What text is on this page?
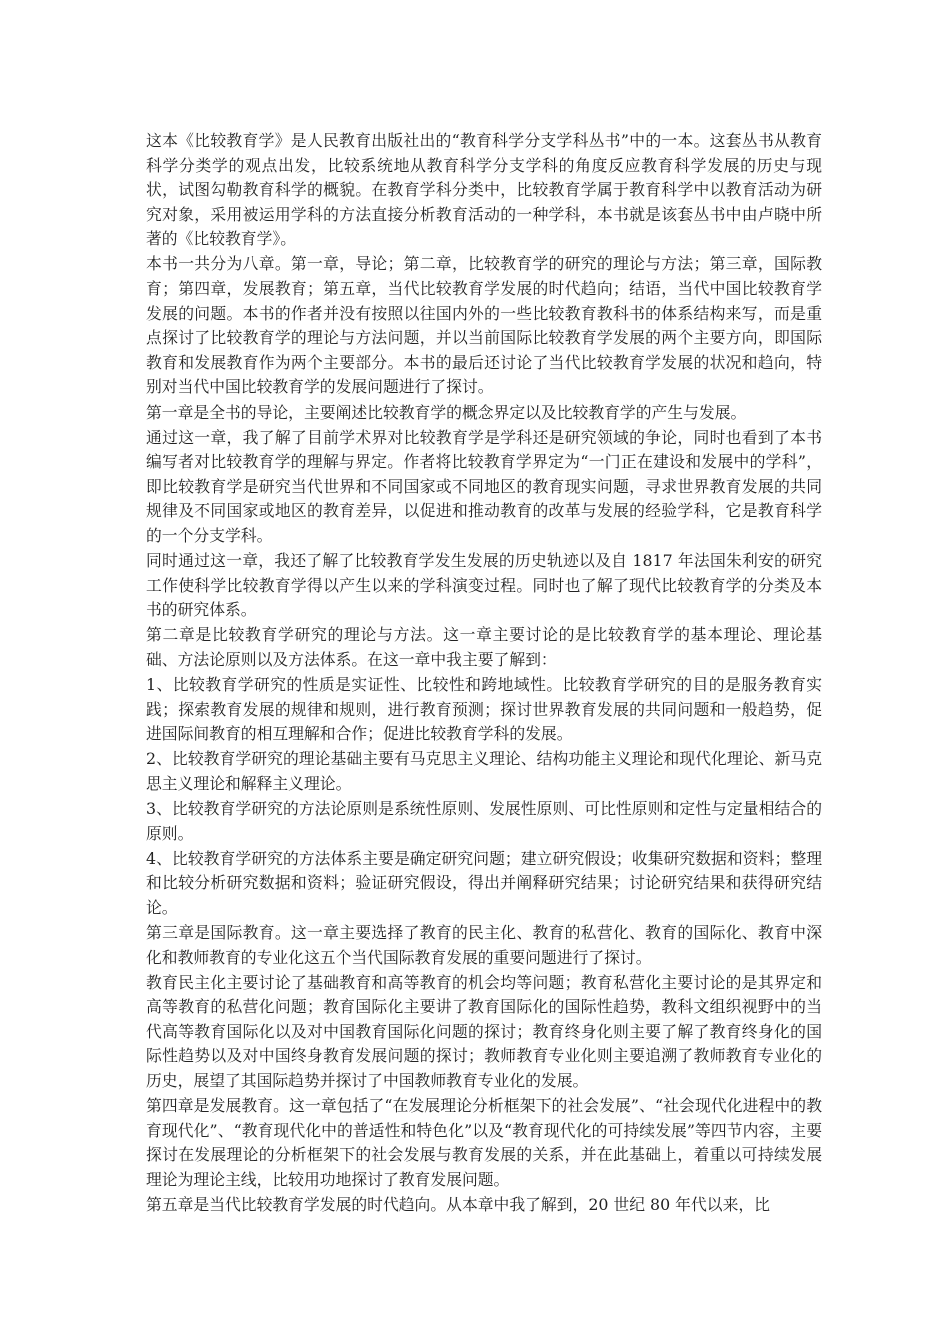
这本《比较教育学》是人民教育出版社出的“教育科学分支学科丛书”中的一本。这套丛书从教育科学分类学的观点出发，比较系统地从教育科学分支学科的角度反应教育科学发展的历史与现状，试图勾勒教育科学的概貌。在教育学科分类中，比较教育学属于教育科学中以教育活动为研究对象，采用被运用学科的方法直接分析教育活动的一种学科，本书就是该套丛书中由卢晓中所著的《比较教育学》。

本书一共分为八章。第一章，导论；第二章，比较教育学的研究的理论与方法；第三章，国际教育；第四章，发展教育；第五章，当代比较教育学发展的时代趋向；结语，当代中国比较教育学发展的问题。本书的作者并没有按照以往国内外的一些比较教育教科书的体系结构来写，而是重点探讨了比较教育学的理论与方法问题，并以当前国际比较教育学发展的两个主要方向，即国际教育和发展教育作为两个主要部分。本书的最后还讨论了当代比较教育学发展的状况和趋向，特别对当代中国比较教育学的发展问题进行了探讨。

第一章是全书的导论，主要阐述比较教育学的概念界定以及比较教育学的产生与发展。

通过这一章，我了解了目前学术界对比较教育学是学科还是研究领域的争论，同时也看到了本书编写者对比较教育学的理解与界定。作者将比较教育学界定为“一门正在建设和发展中的学科”，即比较教育学是研究当代世界和不同国家或不同地区的教育现实问题，寻求世界教育发展的共同规律及不同国家或地区的教育差异，以促进和推动教育的改革与发展的经验学科，它是教育科学的一个分支学科。

同时通过这一章，我还了解了比较教育学发生发展的历史轨迹以及自 1817 年法国朱利安的研究工作使科学比较教育学得以产生以来的学科演变过程。同时也了解了现代比较教育学的分类及本书的研究体系。

第二章是比较教育学研究的理论与方法。这一章主要讨论的是比较教育学的基本理论、理论基础、方法论原则以及方法体系。在这一章中我主要了解到：

1、比较教育学研究的性质是实证性、比较性和跨地域性。比较教育学研究的目的是服务教育实践；探索教育发展的规律和规则，进行教育预测；探讨世界教育发展的共同问题和一般趋势，促进国际间教育的相互理解和合作；促进比较教育学科的发展。

2、比较教育学研究的理论基础主要有马克思主义理论、结构功能主义理论和现代化理论、新马克思主义理论和解释主义理论。

3、比较教育学研究的方法论原则是系统性原则、发展性原则、可比性原则和定性与定量相结合的原则。

4、比较教育学研究的方法体系主要是确定研究问题；建立研究假设；收集研究数据和资料；整理和比较分析研究数据和资料；验证研究假设，得出并阐释研究结果；讨论研究结果和获得研究结论。

第三章是国际教育。这一章主要选择了教育的民主化、教育的私营化、教育的国际化、教育中深化和教师教育的专业化这五个当代国际教育发展的重要问题进行了探讨。

教育民主化主要讨论了基础教育和高等教育的机会均等问题；教育私营化主要讨论的是其界定和高等教育的私营化问题；教育国际化主要讲了教育国际化的国际性趋势，教科文组织视野中的当代高等教育国际化以及对中国教育国际化问题的探讨；教育终身化则主要了解了教育终身化的国际性趋势以及对中国终身教育发展问题的探讨；教师教育专业化则主要追溯了教师教育专业化的历史，展望了其国际趋势并探讨了中国教师教育专业化的发展。

第四章是发展教育。这一章包括了“在发展理论分析框架下的社会发展”、“社会现代化进程中的教育现代化”、“教育现代化中的普适性和特色化”以及“教育现代化的可持续发展”等四节内容，主要探讨在发展理论的分析框架下的社会发展与教育发展的关系，并在此基础上，着重以可持续发展理论为理论主线，比较用功地探讨了教育发展问题。

第五章是当代比较教育学发展的时代趋向。从本章中我了解到，20 世纪 80 年代以来，比
